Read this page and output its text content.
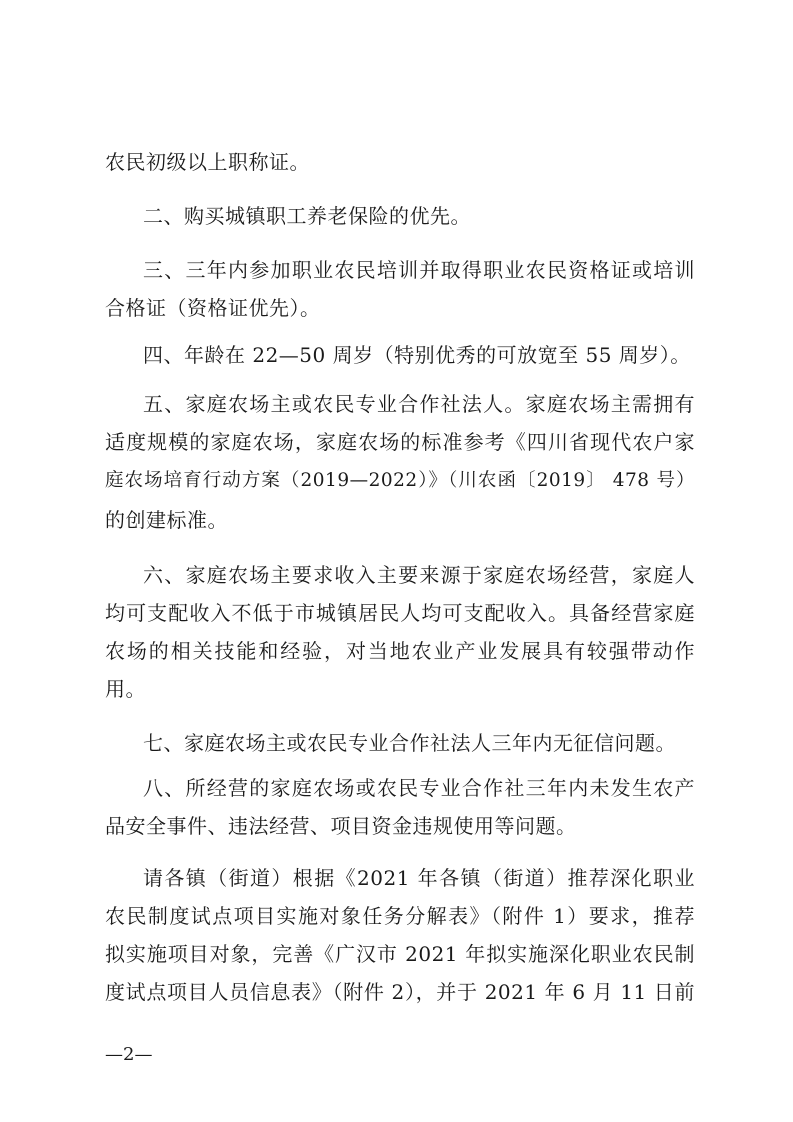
农民初级以上职称证。
二、购买城镇职工养老保险的优先。
三、三年内参加职业农民培训并取得职业农民资格证或培训
合格证（资格证优先）。
四、年龄在 22—50 周岁（特别优秀的可放宽至 55 周岁）。
五、家庭农场主或农民专业合作社法人。家庭农场主需拥有
适度规模的家庭农场，家庭农场的标准参考《四川省现代农户家
庭农场培育行动方案（2019—2022）》（川农函〔2019〕 478 号）
的创建标准。
六、家庭农场主要求收入主要来源于家庭农场经营，家庭人
均可支配收入不低于市城镇居民人均可支配收入。具备经营家庭
农场的相关技能和经验，对当地农业产业发展具有较强带动作
用。
七、家庭农场主或农民专业合作社法人三年内无征信问题。
八、所经营的家庭农场或农民专业合作社三年内未发生农产
品安全事件、违法经营、项目资金违规使用等问题。
请各镇（街道）根据《2021 年各镇（街道）推荐深化职业
农民制度试点项目实施对象任务分解表》（附件 1）要求，推荐
拟实施项目对象，完善《广汉市 2021 年拟实施深化职业农民制
度试点项目人员信息表》（附件 2），并于 2021 年 6 月 11 日前
—2—
